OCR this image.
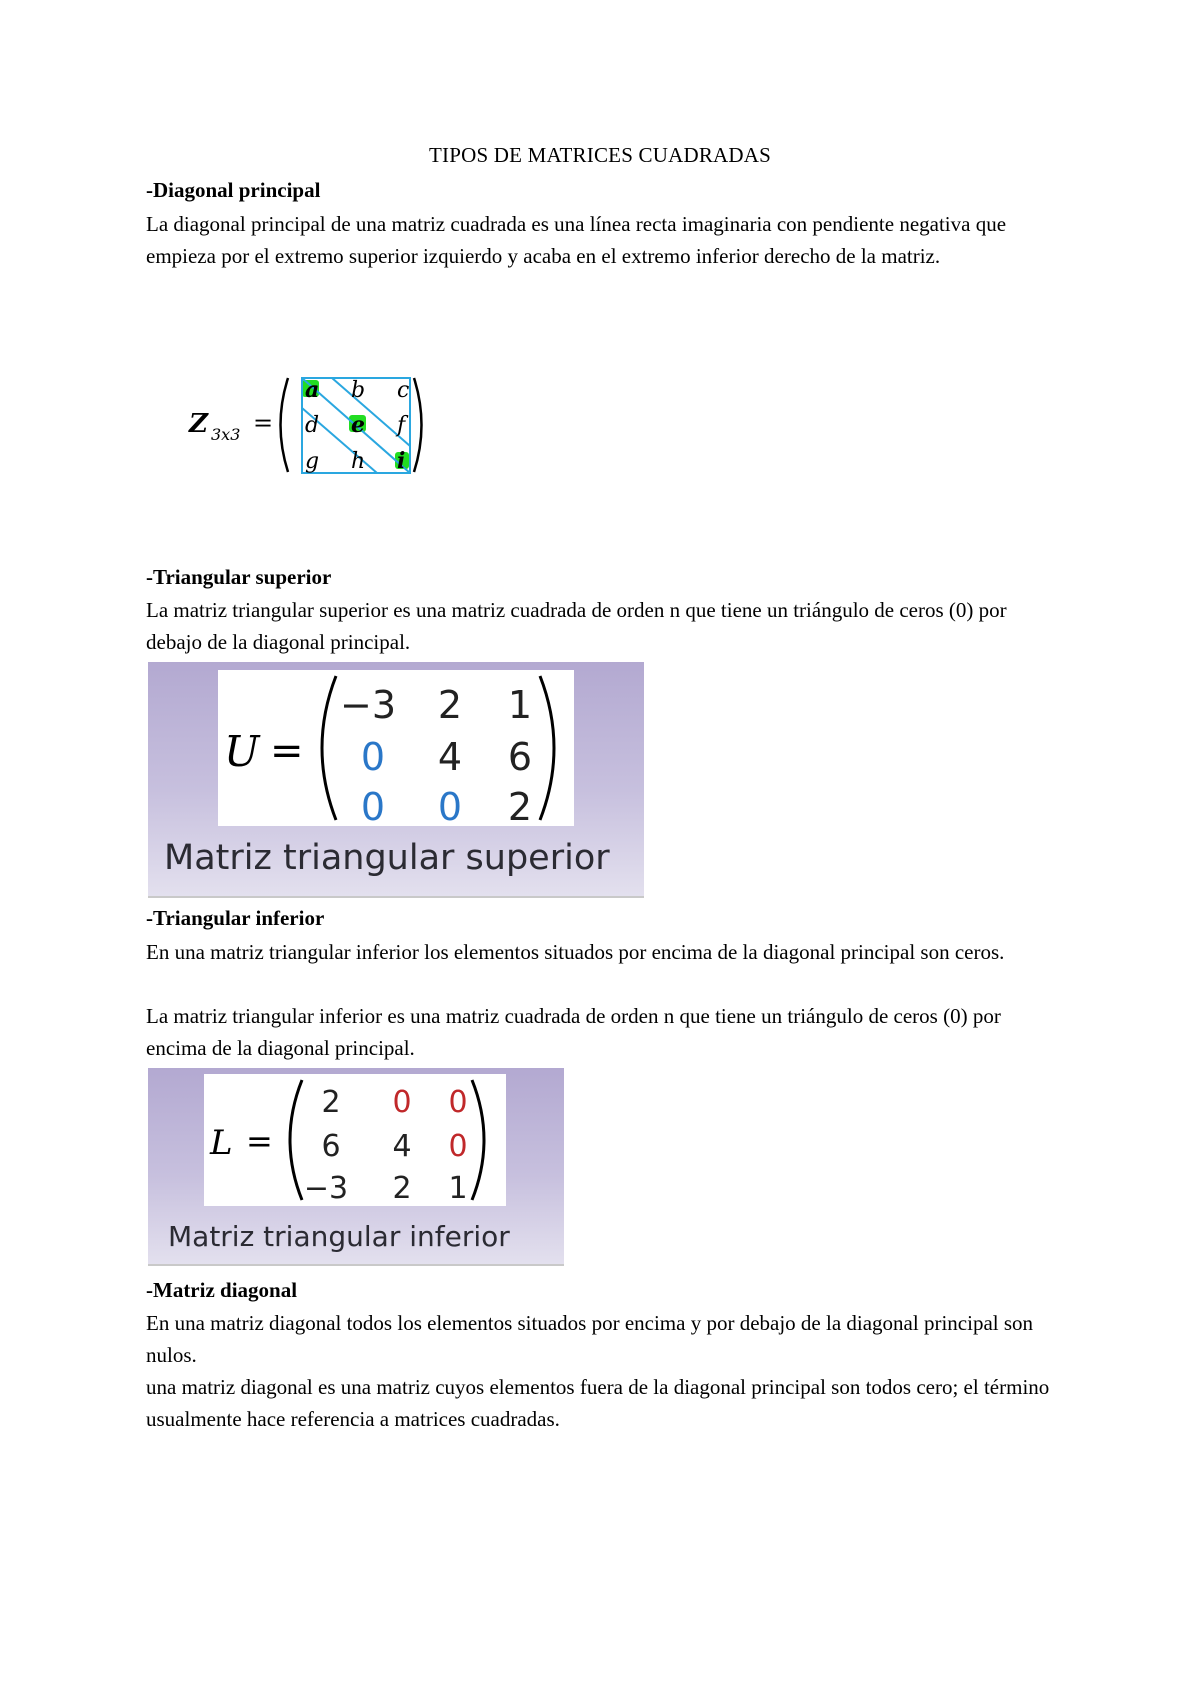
TIPOS DE MATRICES CUADRADAS

-Diagonal principal

La diagonal principal de una matriz cuadrada es una línea recta imaginaria con pendiente negativa que empieza por el extremo superior izquierdo y acaba en el extremo inferior derecho de la matriz.

Z 3x3 =
a b c
d e f
g h i

-Triangular superior

La matriz triangular superior es una matriz cuadrada de orden n que tiene un triángulo de ceros (0) por debajo de la diagonal principal.

U =
−3 2 1
0 4 6
0 0 2
Matriz triangular superior

-Triangular inferior

En una matriz triangular inferior los elementos situados por encima de la diagonal principal son ceros.

La matriz triangular inferior es una matriz cuadrada de orden n que tiene un triángulo de ceros (0) por encima de la diagonal principal.

L =
2 0 0
6 4 0
−3 2 1
Matriz triangular inferior

-Matriz diagonal

En una matriz diagonal todos los elementos situados por encima y por debajo de la diagonal principal son nulos.

una matriz diagonal es una matriz cuyos elementos fuera de la diagonal principal son todos cero; el término usualmente hace referencia a matrices cuadradas.
